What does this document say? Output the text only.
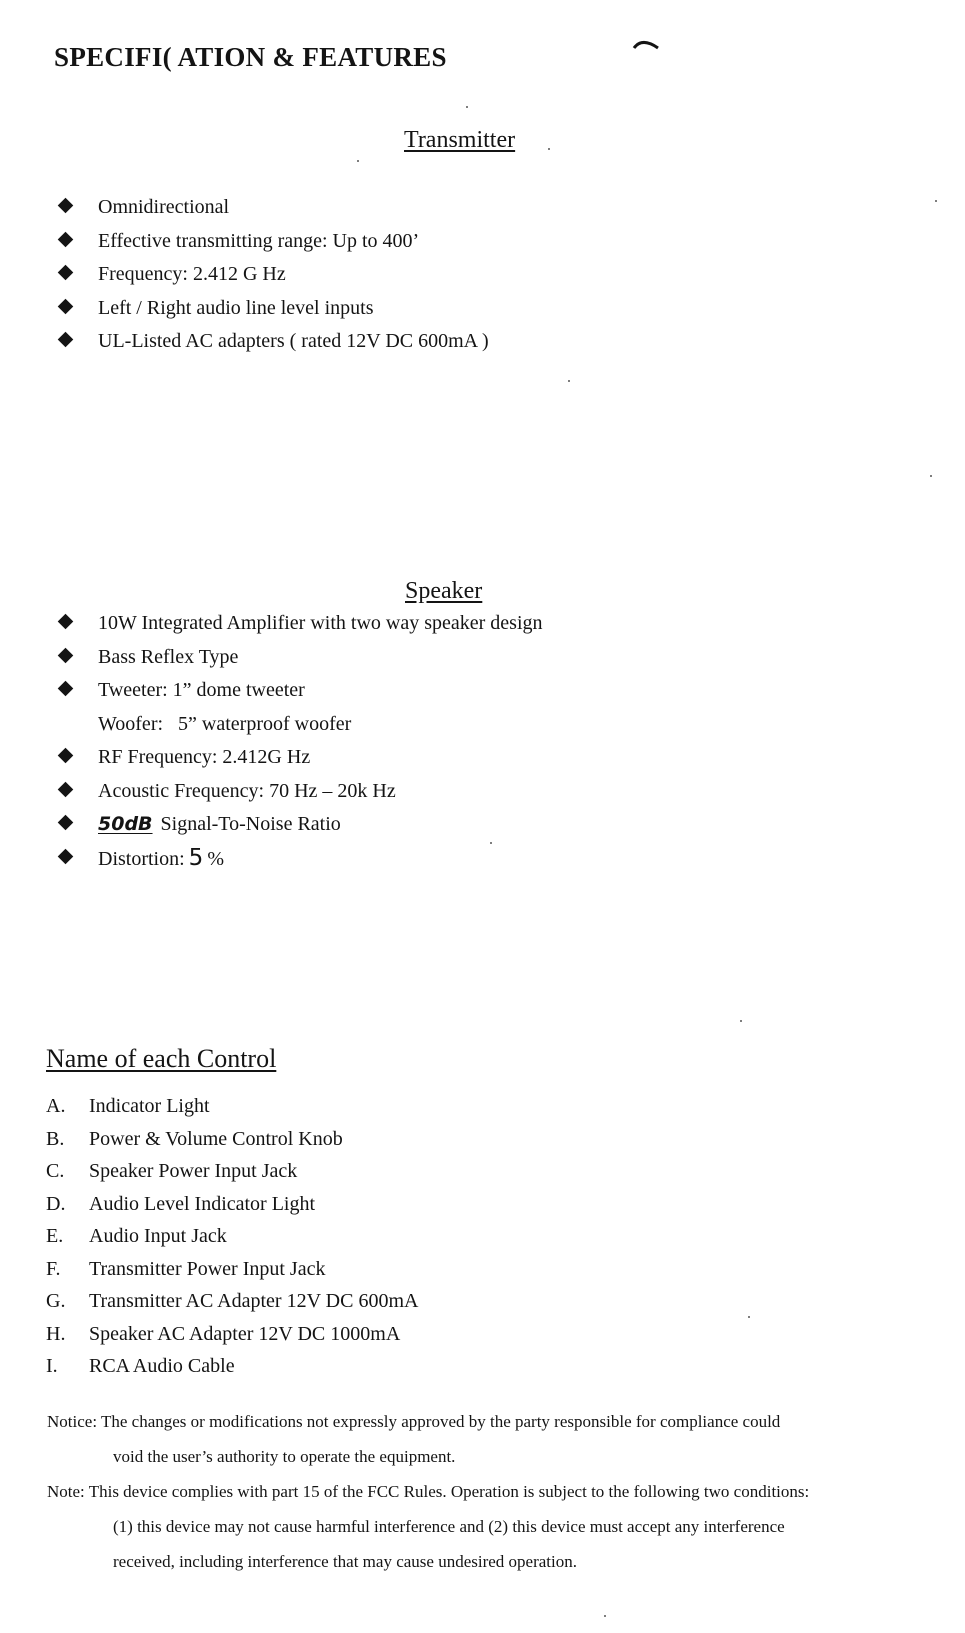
SPECIFI( ATION & FEATURES
Transmitter
Omnidirectional
Effective transmitting range: Up to 400’
Frequency: 2.412 G Hz
Left / Right audio line level inputs
UL-Listed AC adapters ( rated 12V DC 600mA )
Speaker
10W Integrated Amplifier with two way speaker design
Bass Reflex Type
Tweeter: 1” dome tweeter
Woofer:   5” waterproof woofer
RF Frequency: 2.412G Hz
Acoustic Frequency: 70 Hz – 20k Hz
50dB Signal-To-Noise Ratio
Distortion: 5 %
Name of each Control
A. Indicator Light
B. Power & Volume Control Knob
C. Speaker Power Input Jack
D. Audio Level Indicator Light
E. Audio Input Jack
F. Transmitter Power Input Jack
G. Transmitter AC Adapter 12V DC 600mA
H. Speaker AC Adapter 12V DC 1000mA
I. RCA Audio Cable

Notice: The changes or modifications not expressly approved by the party responsible for compliance could
void the user’s authority to operate the equipment.

Note: This device complies with part 15 of the FCC Rules. Operation is subject to the following two conditions:
(1) this device may not cause harmful interference and (2) this device must accept any interference
received, including interference that may cause undesired operation.
